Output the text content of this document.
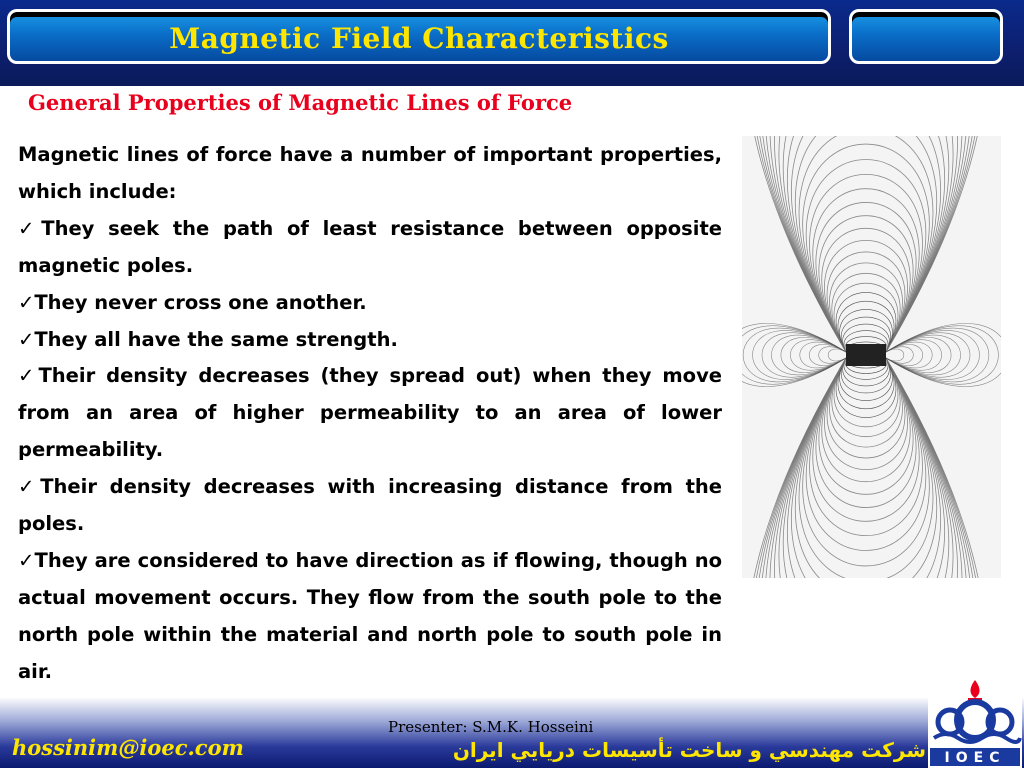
Magnetic Field Characteristics
General Properties of Magnetic Lines of Force

Magnetic lines of force have a number of important properties, which include:

✓They seek the path of least resistance between opposite magnetic poles.

✓They never cross one another.

✓They all have the same strength.

✓Their density decreases (they spread out) when they move from an area of higher permeability to an area of lower permeability.

✓Their density decreases with increasing distance from the poles.

✓They are considered to have direction as if flowing, though no actual movement occurs. They flow from the south pole to the north pole within the material and north pole to south pole in air.

Presenter: S.M.K. Hosseini
hossinim@ioec.com	شرکت مهندسي و ساخت تأسيسات دريايي ايران IOEC
